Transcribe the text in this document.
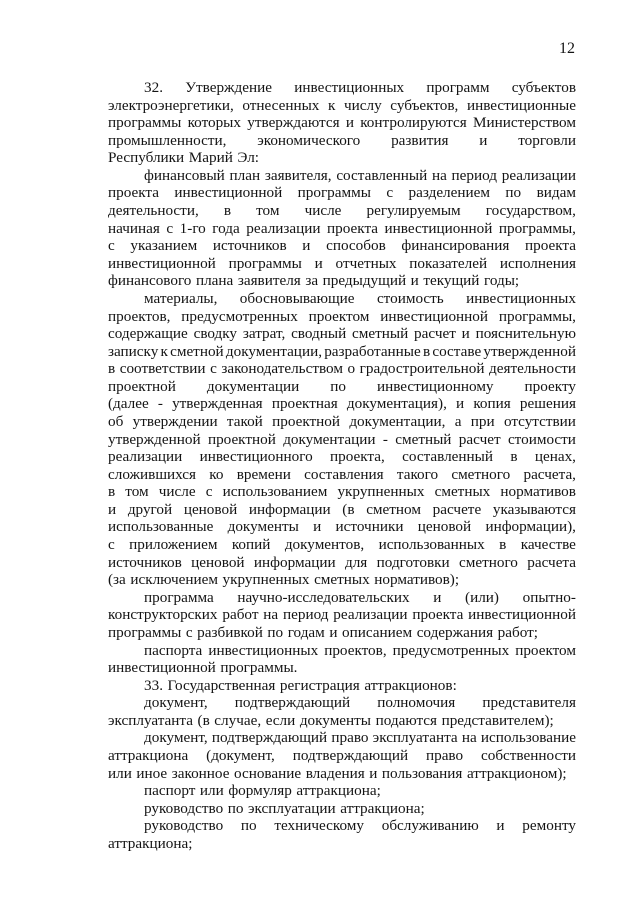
12
32. Утверждение инвестиционных программ субъектов
электроэнергетики, отнесенных к числу субъектов, инвестиционные
программы которых утверждаются и контролируются Министерством
промышленности, экономического развития и торговли
Республики Марий Эл:
финансовый план заявителя, составленный на период реализации
проекта инвестиционной программы с разделением по видам
деятельности, в том числе регулируемым государством,
начиная с 1-го года реализации проекта инвестиционной программы,
с указанием источников и способов финансирования проекта
инвестиционной программы и отчетных показателей исполнения
финансового плана заявителя за предыдущий и текущий годы;
материалы, обосновывающие стоимость инвестиционных
проектов, предусмотренных проектом инвестиционной программы,
содержащие сводку затрат, сводный сметный расчет и пояснительную
записку к сметной документации, разработанные в составе утвержденной
в соответствии с законодательством о градостроительной деятельности
проектной документации по инвестиционному проекту
(далее - утвержденная проектная документация), и копия решения
об утверждении такой проектной документации, а при отсутствии
утвержденной проектной документации - сметный расчет стоимости
реализации инвестиционного проекта, составленный в ценах,
сложившихся ко времени составления такого сметного расчета,
в том числе с использованием укрупненных сметных нормативов
и другой ценовой информации (в сметном расчете указываются
использованные документы и источники ценовой информации),
с приложением копий документов, использованных в качестве
источников ценовой информации для подготовки сметного расчета
(за исключением укрупненных сметных нормативов);
программа научно-исследовательских и (или) опытно-
конструкторских работ на период реализации проекта инвестиционной
программы с разбивкой по годам и описанием содержания работ;
паспорта инвестиционных проектов, предусмотренных проектом
инвестиционной программы.
33. Государственная регистрация аттракционов:
документ, подтверждающий полномочия представителя
эксплуатанта (в случае, если документы подаются представителем);
документ, подтверждающий право эксплуатанта на использование
аттракциона (документ, подтверждающий право собственности
или иное законное основание владения и пользования аттракционом);
паспорт или формуляр аттракциона;
руководство по эксплуатации аттракциона;
руководство по техническому обслуживанию и ремонту
аттракциона;
